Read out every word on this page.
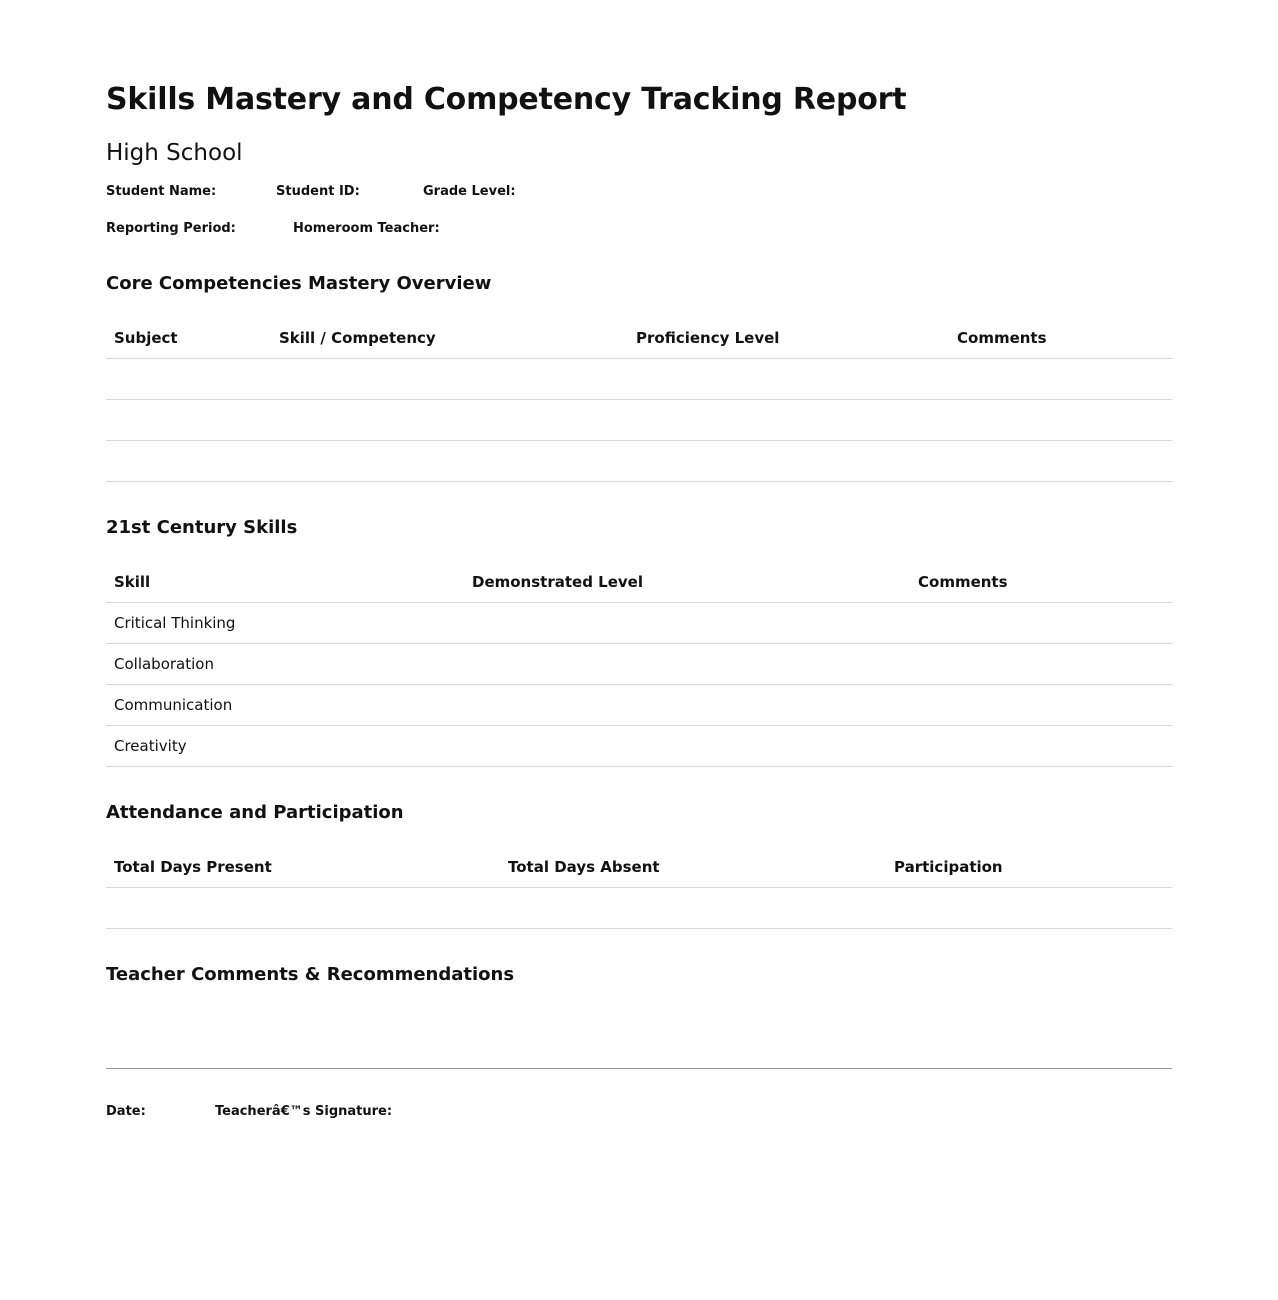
Skills Mastery and Competency Tracking Report
High School
Student Name:	Student ID:	Grade Level:
Reporting Period:	Homeroom Teacher:
Core Competencies Mastery Overview
Subject	Skill / Competency	Proficiency Level	Comments

21st Century Skills
Skill	Demonstrated Level	Comments
Critical Thinking		
Collaboration		
Communication		
Creativity		
Attendance and Participation
Total Days Present	Total Days Absent	Participation

Teacher Comments & Recommendations
Date:	Teacherâ€™s Signature:
